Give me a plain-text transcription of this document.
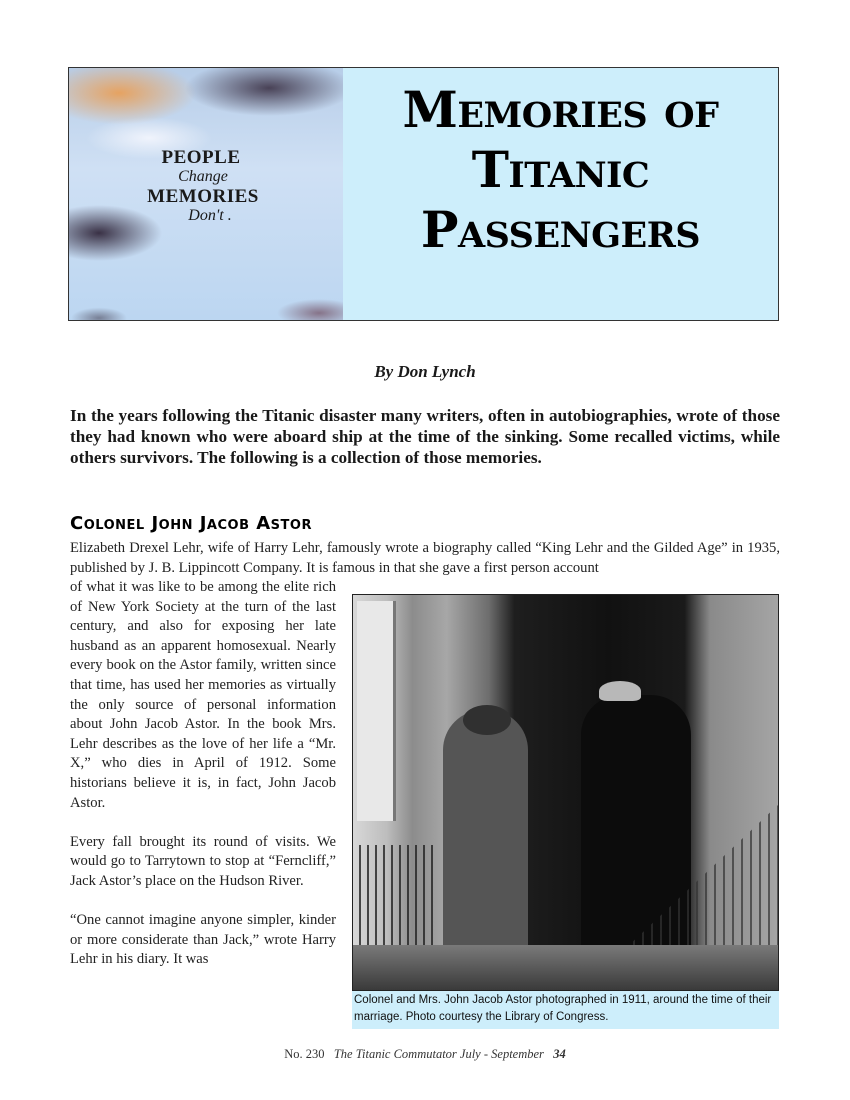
PEOPLE
Change
MEMORIES
Don't .
Memories of
Titanic
Passengers
By Don Lynch
In the years following the Titanic disaster many writers, often in autobiographies, wrote of those they had known who were aboard ship at the time of the sinking. Some recalled victims, while others survivors. The following is a collection of those memories.
Colonel John Jacob Astor
Elizabeth Drexel Lehr, wife of Harry Lehr, famously wrote a biography called “King Lehr and the Gilded Age” in 1935, published by J. B. Lippincott Company. It is famous in that she gave a first person account

of what it was like to be among the elite rich of New York Society at the turn of the last century, and also for exposing her late husband as an apparent homosexual. Nearly every book on the Astor family, written since that time, has used her memories as virtually the only source of personal information about John Jacob Astor. In the book Mrs. Lehr describes as the love of her life a “Mr. X,” who dies in April of 1912. Some historians believe it is, in fact, John Jacob Astor.

Every fall brought its round of visits. We would go to Tarrytown to stop at “Ferncliff,” Jack Astor’s place on the Hudson River.

“One cannot imagine anyone simpler, kinder or more considerate than Jack,” wrote Harry Lehr in his diary. It was

Colonel and Mrs. John Jacob Astor photographed in 1911, around the time of their marriage. Photo courtesy the Library of Congress.
No. 230 The Titanic Commutator July - September 34
